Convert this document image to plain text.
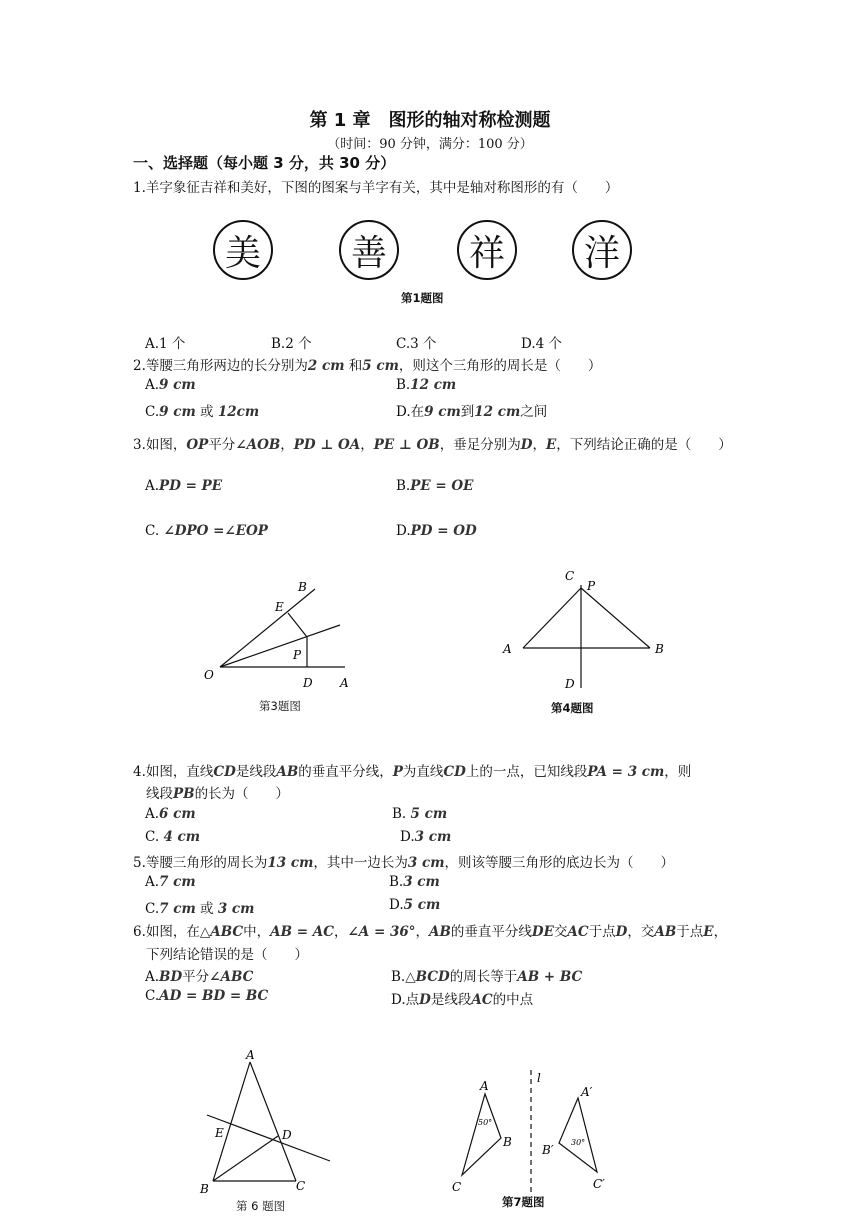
第 1 章　图形的轴对称检测题
（时间：90 分钟，满分：100 分）
一、选择题（每小题 3 分，共 30 分）
1.羊字象征吉祥和美好，下图的图案与羊字有关，其中是轴对称图形的有（　　）
美	善	祥	洋
第1题图
A.1 个	B.2 个	C.3 个	D.4 个
2.等腰三角形两边的长分别为2 cm 和5 cm，则这个三角形的周长是（　　）
A.9 cm	B.12 cm
C.9 cm 或 12cm	D.在9 cm到12 cm之间
3.如图，OP平分∠AOB，PD ⊥ OA，PE ⊥ OB，垂足分别为D，E，下列结论正确的是（　　）
A.PD = PE	B.PE = OE
C. ∠DPO =∠EOP	D.PD = OD
B
E
P
O
D A
第3题图
C
P
A	B
D
第4题图
4.如图，直线CD是线段AB的垂直平分线，P为直线CD上的一点，已知线段PA = 3 cm，则
线段PB的长为（　　）
A.6 cm	B. 5 cm
C. 4 cm	D.3 cm
5.等腰三角形的周长为13 cm，其中一边长为3 cm，则该等腰三角形的底边长为（　　）
A.7 cm	B.3 cm
C.7 cm 或 3 cm	D.5 cm
6.如图，在△ABC中，AB = AC，∠A = 36°，AB的垂直平分线DE交AC于点D，交AB于点E，
下列结论错误的是（　　）
A.BD平分∠ABC	B.△BCD的周长等于AB + BC
C.AD = BD = BC	D.点D是线段AC的中点
A
E	D
B	C
第 6 题图
A
B
C
l
A′
B′
C′
50°
30°
第7题图
